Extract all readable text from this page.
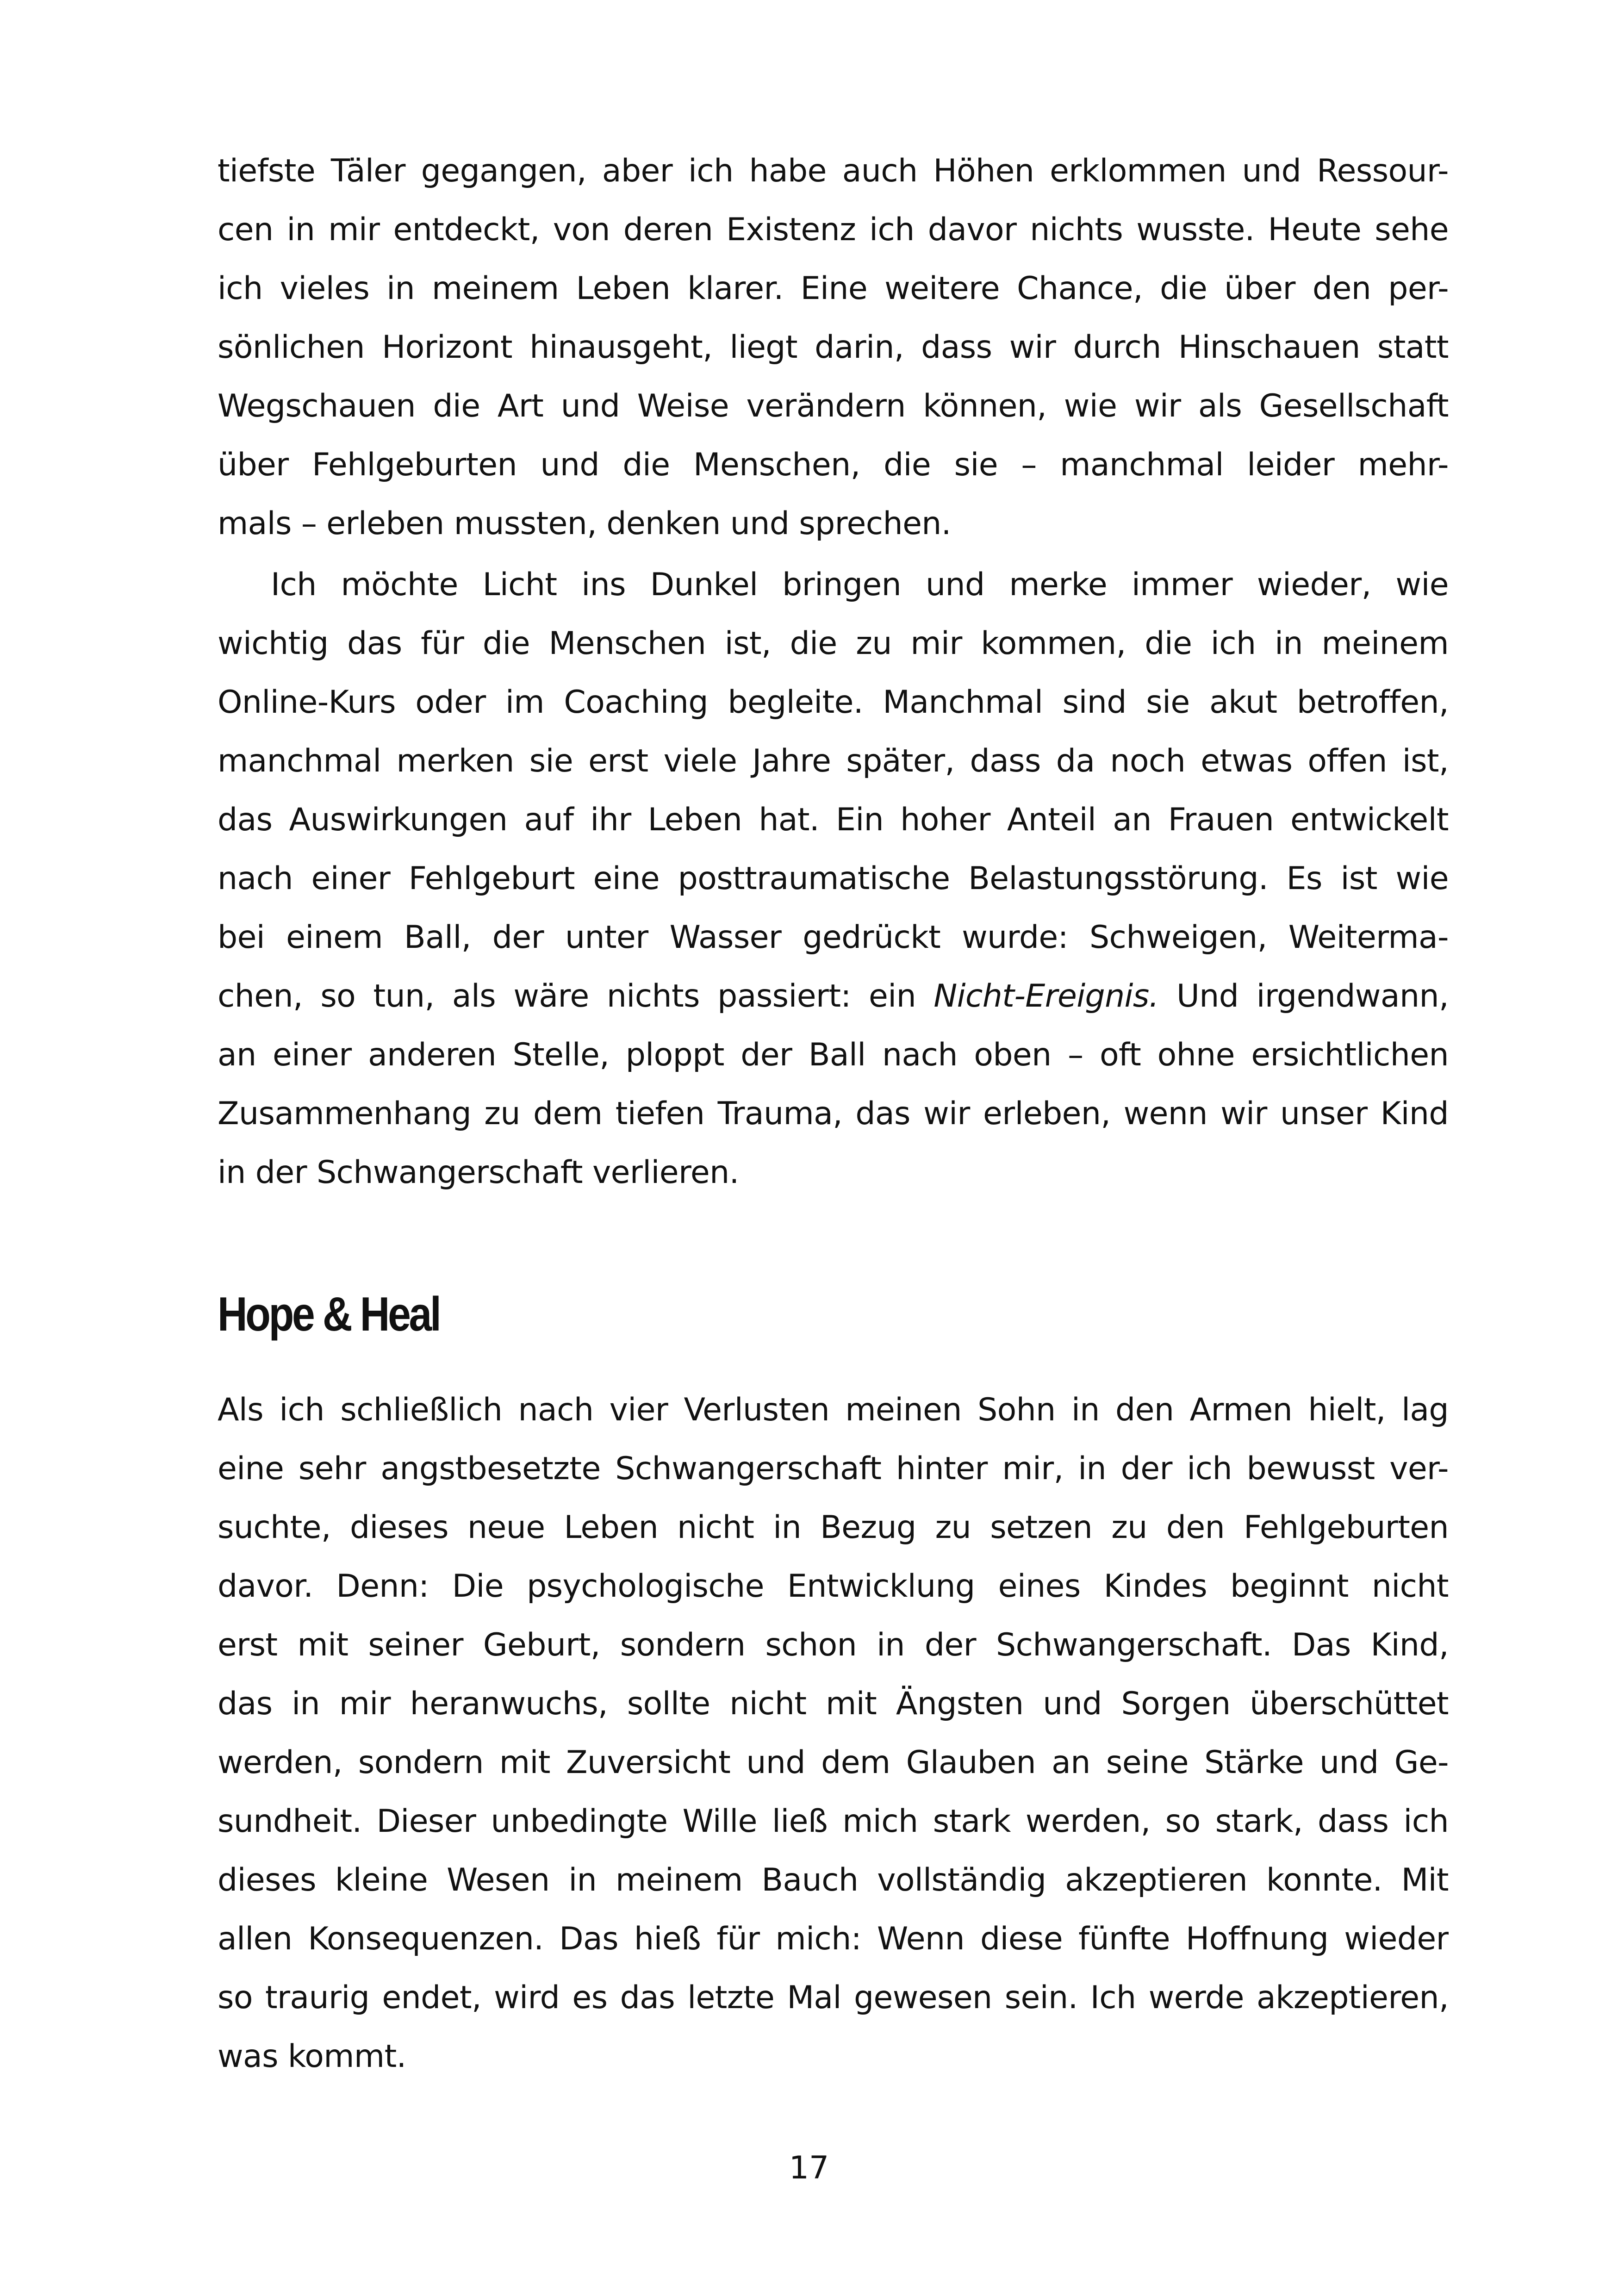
tiefste Täler gegangen, aber ich habe auch Höhen erklommen und Ressour-
cen in mir entdeckt, von deren Existenz ich davor nichts wusste. Heute sehe
ich vieles in meinem Leben klarer. Eine weitere Chance, die über den per-
sönlichen Horizont hinausgeht, liegt darin, dass wir durch Hinschauen statt
Wegschauen die Art und Weise verändern können, wie wir als Gesellschaft
über Fehlgeburten und die Menschen, die sie – manchmal leider mehr-
mals – erleben mussten, denken und sprechen.
Ich möchte Licht ins Dunkel bringen und merke immer wieder, wie
wichtig das für die Menschen ist, die zu mir kommen, die ich in meinem
Online-Kurs oder im Coaching begleite. Manchmal sind sie akut betroffen,
manchmal merken sie erst viele Jahre später, dass da noch etwas offen ist,
das Auswirkungen auf ihr Leben hat. Ein hoher Anteil an Frauen entwickelt
nach einer Fehlgeburt eine posttraumatische Belastungsstörung. Es ist wie
bei einem Ball, der unter Wasser gedrückt wurde: Schweigen, Weiterma-
chen, so tun, als wäre nichts passiert: ein Nicht-Ereignis. Und irgendwann,
an einer anderen Stelle, ploppt der Ball nach oben – oft ohne ersichtlichen
Zusammenhang zu dem tiefen Trauma, das wir erleben, wenn wir unser Kind
in der Schwangerschaft verlieren.
Hope & Heal
Als ich schließlich nach vier Verlusten meinen Sohn in den Armen hielt, lag
eine sehr angstbesetzte Schwangerschaft hinter mir, in der ich bewusst ver-
suchte, dieses neue Leben nicht in Bezug zu setzen zu den Fehlgeburten
davor. Denn: Die psychologische Entwicklung eines Kindes beginnt nicht
erst mit seiner Geburt, sondern schon in der Schwangerschaft. Das Kind,
das in mir heranwuchs, sollte nicht mit Ängsten und Sorgen überschüttet
werden, sondern mit Zuversicht und dem Glauben an seine Stärke und Ge-
sundheit. Dieser unbedingte Wille ließ mich stark werden, so stark, dass ich
dieses kleine Wesen in meinem Bauch vollständig akzeptieren konnte. Mit
allen Konsequenzen. Das hieß für mich: Wenn diese fünfte Hoffnung wieder
so traurig endet, wird es das letzte Mal gewesen sein. Ich werde akzeptieren,
was kommt.
17
